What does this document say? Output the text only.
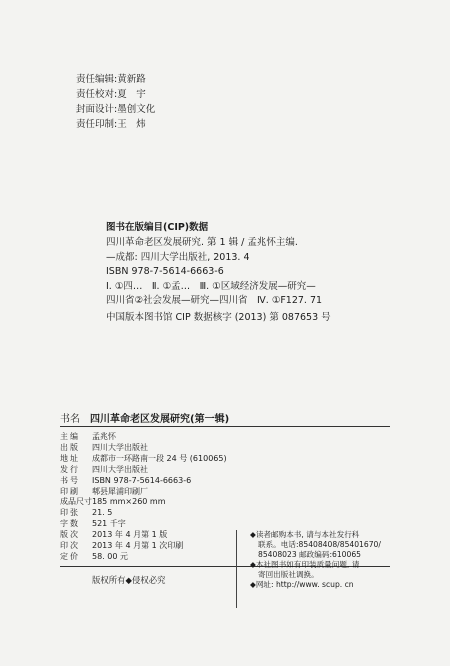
责任编辑:黄新路
责任校对:夏　宇
封面设计:墨创文化
责任印制:王　炜
图书在版编目(CIP)数据
四川革命老区发展研究. 第 1 辑 / 孟兆怀主编.
—成都: 四川大学出版社, 2013. 4
ISBN 978-7-5614-6663-6
Ⅰ. ①四…　Ⅱ. ①孟…　Ⅲ. ①区域经济发展—研究—
四川省②社会发展—研究—四川省　Ⅳ. ①F127. 71
中国版本图书馆 CIP 数据核字 (2013) 第 087653 号
书名 四川革命老区发展研究(第一辑)
主编	孟兆怀
出版	四川大学出版社
地址	成都市一环路南一段 24 号 (610065)
发行	四川大学出版社
书号	ISBN 978-7-5614-6663-6
印刷	郫县犀浦印刷厂
成品尺寸 185 mm×260 mm
印张	21. 5
字数	521 千字
版次	2013 年 4 月第 1 版
印次	2013 年 4 月第 1 次印刷
定价	58. 00 元
◆读者邮购本书, 请与本社发行科
联系。电话:85408408/85401670/
85408023 邮政编码:610065
◆本社图书如有印装质量问题, 请
寄回出版社调换。
◆网址: http://www. scup. cn
版权所有◆侵权必究
